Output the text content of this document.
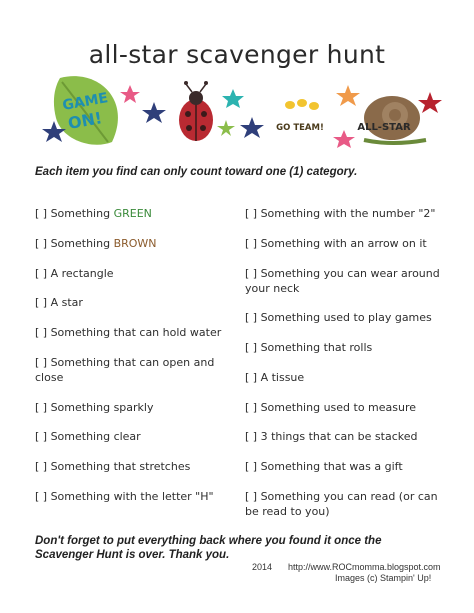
all-star scavenger hunt
GAME
ON!	GO TEAM!	ALL-STAR
Each item you find can only count toward one (1) category.
[ ] Something GREEN
[ ] Something BROWN
[ ] A rectangle
[ ] A star
[ ] Something that can hold water
[ ] Something that can open and close
[ ] Something sparkly
[ ] Something clear
[ ] Something that stretches
[ ] Something with the letter "H"
[ ] Something with the number "2"
[ ] Something with an arrow on it
[ ] Something you can wear around your neck
[ ] Something used to play games
[ ] Something that rolls
[ ] A tissue
[ ] Something used to measure
[ ] 3 things that can be stacked
[ ] Something that was a gift
[ ] Something you can read (or can be read to you)
Don't forget to put everything back where you found it once the Scavenger Hunt is over. Thank you.
2014 http://www.ROCmomma.blogspot.com
Images (c) Stampin' Up!
